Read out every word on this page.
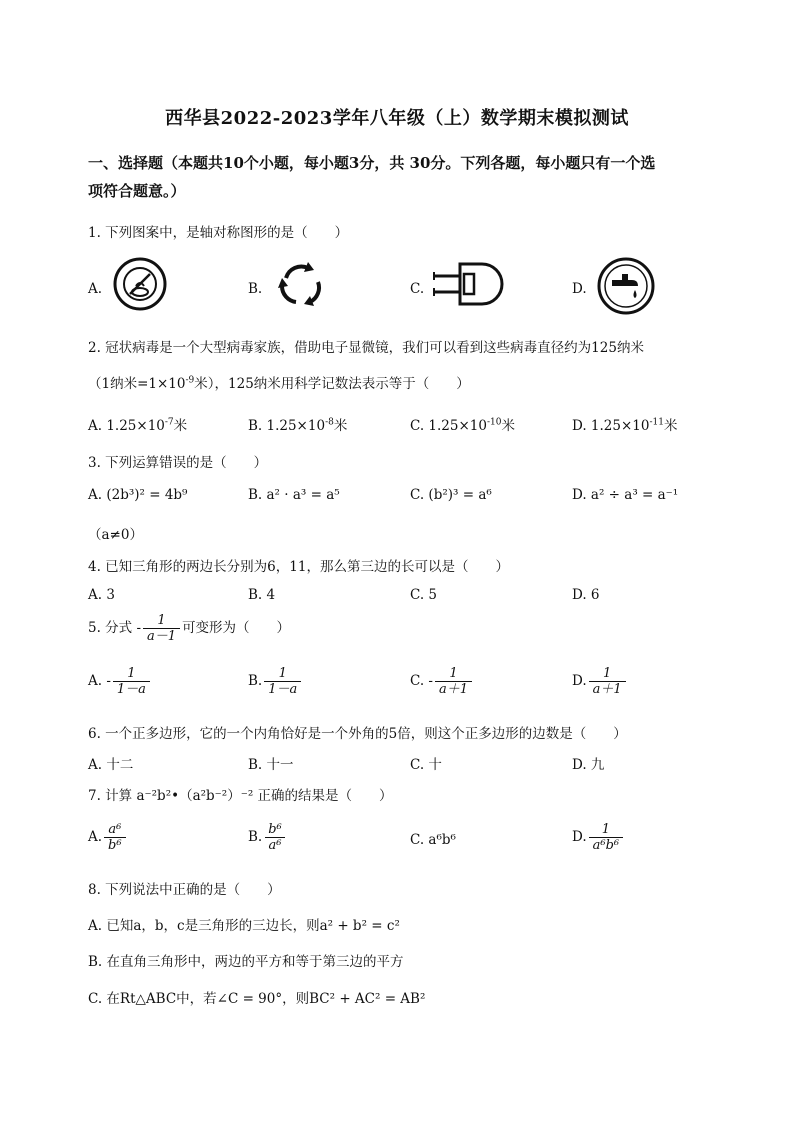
西华县2022-2023学年八年级（上）数学期末模拟测试
一、选择题（本题共10个小题，每小题3分，共 30分。下列各题，每小题只有一个选
项符合题意。）
1. 下列图案中，是轴对称图形的是（　　）
A.	B.	C.	D.
2. 冠状病毒是一个大型病毒家族，借助电子显微镜，我们可以看到这些病毒直径约为125纳米
（1纳米$=1\times 10^{-9}$米），125纳米用科学记数法表示等于（　　）
A. $1.25\times 10^{-7}$米	B. $1.25\times 10^{-8}$米	C. $1.25\times 10^{-10}$米	D. $1.25\times 10^{-11}$米
3. 下列运算错误的是（　　）
A. (2b³)² = 4b⁹	B. a² · a³ = a⁵	C. (b²)³ = a⁶	D. a² ÷ a³ = a⁻¹
（a≠0）
4. 已知三角形的两边长分别为6，11，那么第三边的长可以是（　　）
A. 3	B. 4	C. 5	D. 6
5. 分式 - $\frac{1}{a-1}$ 可变形为（　　）
A. - $\frac{1}{1-a}$	B. $\frac{1}{1-a}$	C. - $\frac{1}{a+1}$	D. $\frac{1}{a+1}$
6. 一个正多边形，它的一个内角恰好是一个外角的5倍，则这个正多边形的边数是（　　）
A. 十二	B. 十一	C. 十	D. 九
7. 计算 a⁻²b²•（a²b⁻²）⁻² 正确的结果是（　　）
A. $\frac{\text{a⁶}}{\text{b⁶}}$	B. $\frac{\text{b⁶}}{\text{a⁶}}$	C. a⁶b⁶	D. $\frac{1}{\text{a⁶b⁶}}$
8. 下列说法中正确的是（　　）
A. 已知a，b，c是三角形的三边长，则a² + b² = c²
B. 在直角三角形中，两边的平方和等于第三边的平方
C. 在Rt△ABC中，若∠C = 90°，则BC² + AC² = AB²
